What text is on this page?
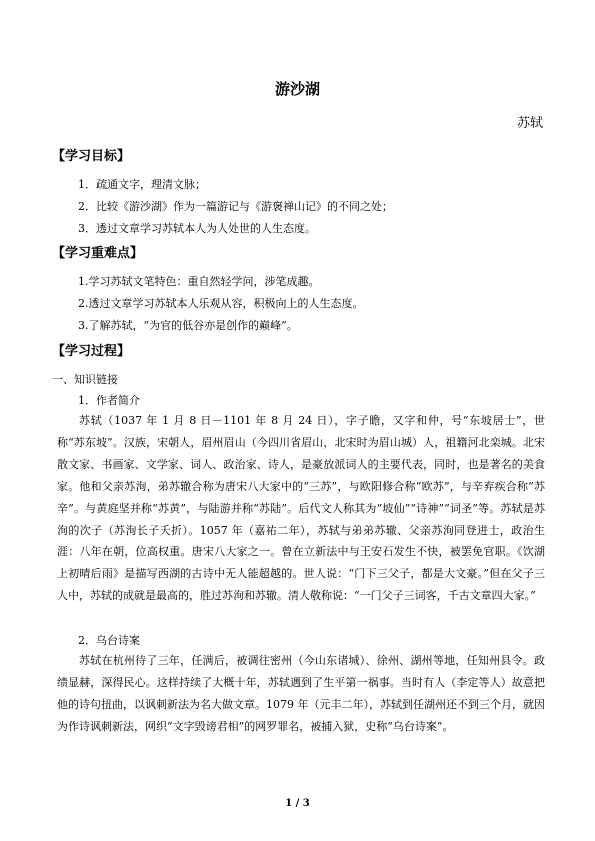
游沙湖
苏轼
【学习目标】
1．疏通文字，理清文脉；
2．比较《游沙湖》作为一篇游记与《游褒禅山记》的不同之处；
3．透过文章学习苏轼本人为人处世的人生态度。
【学习重难点】
1.学习苏轼文笔特色：重自然轻学问，涉笔成趣。
2.透过文章学习苏轼本人乐观从容，积极向上的人生态度。
3.了解苏轼，“为官的低谷亦是创作的巅峰”。
【学习过程】
一、知识链接
1．作者简介

苏轼（1037 年 1 月 8 日－1101 年 8 月 24 日），字子瞻，又字和仲，号“东坡居士”，世称“苏东坡”。汉族，宋朝人，眉州眉山（今四川省眉山，北宋时为眉山城）人，祖籍河北栾城。北宋散文家、书画家、文学家、词人、政治家、诗人，是豪放派词人的主要代表，同时，也是著名的美食家。他和父亲苏洵，弟苏辙合称为唐宋八大家中的“三苏”，与欧阳修合称“欧苏”，与辛弃疾合称“苏辛”。与黄庭坚并称“苏黄”，与陆游并称“苏陆”。后代文人称其为“坡仙”“诗神”“词圣”等。苏轼是苏洵的次子（苏洵长子夭折）。1057 年（嘉祐二年），苏轼与弟弟苏辙、父亲苏洵同登进士，政治生涯：八年在朝，位高权重。唐宋八大家之一。曾在立新法中与王安石发生不快，被罢免官职。《饮湖上初晴后雨》是描写西湖的古诗中无人能超越的。世人说：“门下三父子，都是大文豪。”但在父子三人中，苏轼的成就是最高的，胜过苏洵和苏辙。清人敬称说：“一门父子三词客，千古文章四大家。”

2．乌台诗案

苏轼在杭州待了三年，任满后，被调往密州（今山东诸城）、徐州、湖州等地，任知州县令。政绩显赫，深得民心。这样持续了大概十年，苏轼遇到了生平第一祸事。当时有人（李定等人）故意把他的诗句扭曲，以讽刺新法为名大做文章。1079 年（元丰二年），苏轼到任湖州还不到三个月，就因为作诗讽刺新法，网织“文字毁谤君相”的网罗罪名，被捕入狱，史称“乌台诗案”。

1 / 3
